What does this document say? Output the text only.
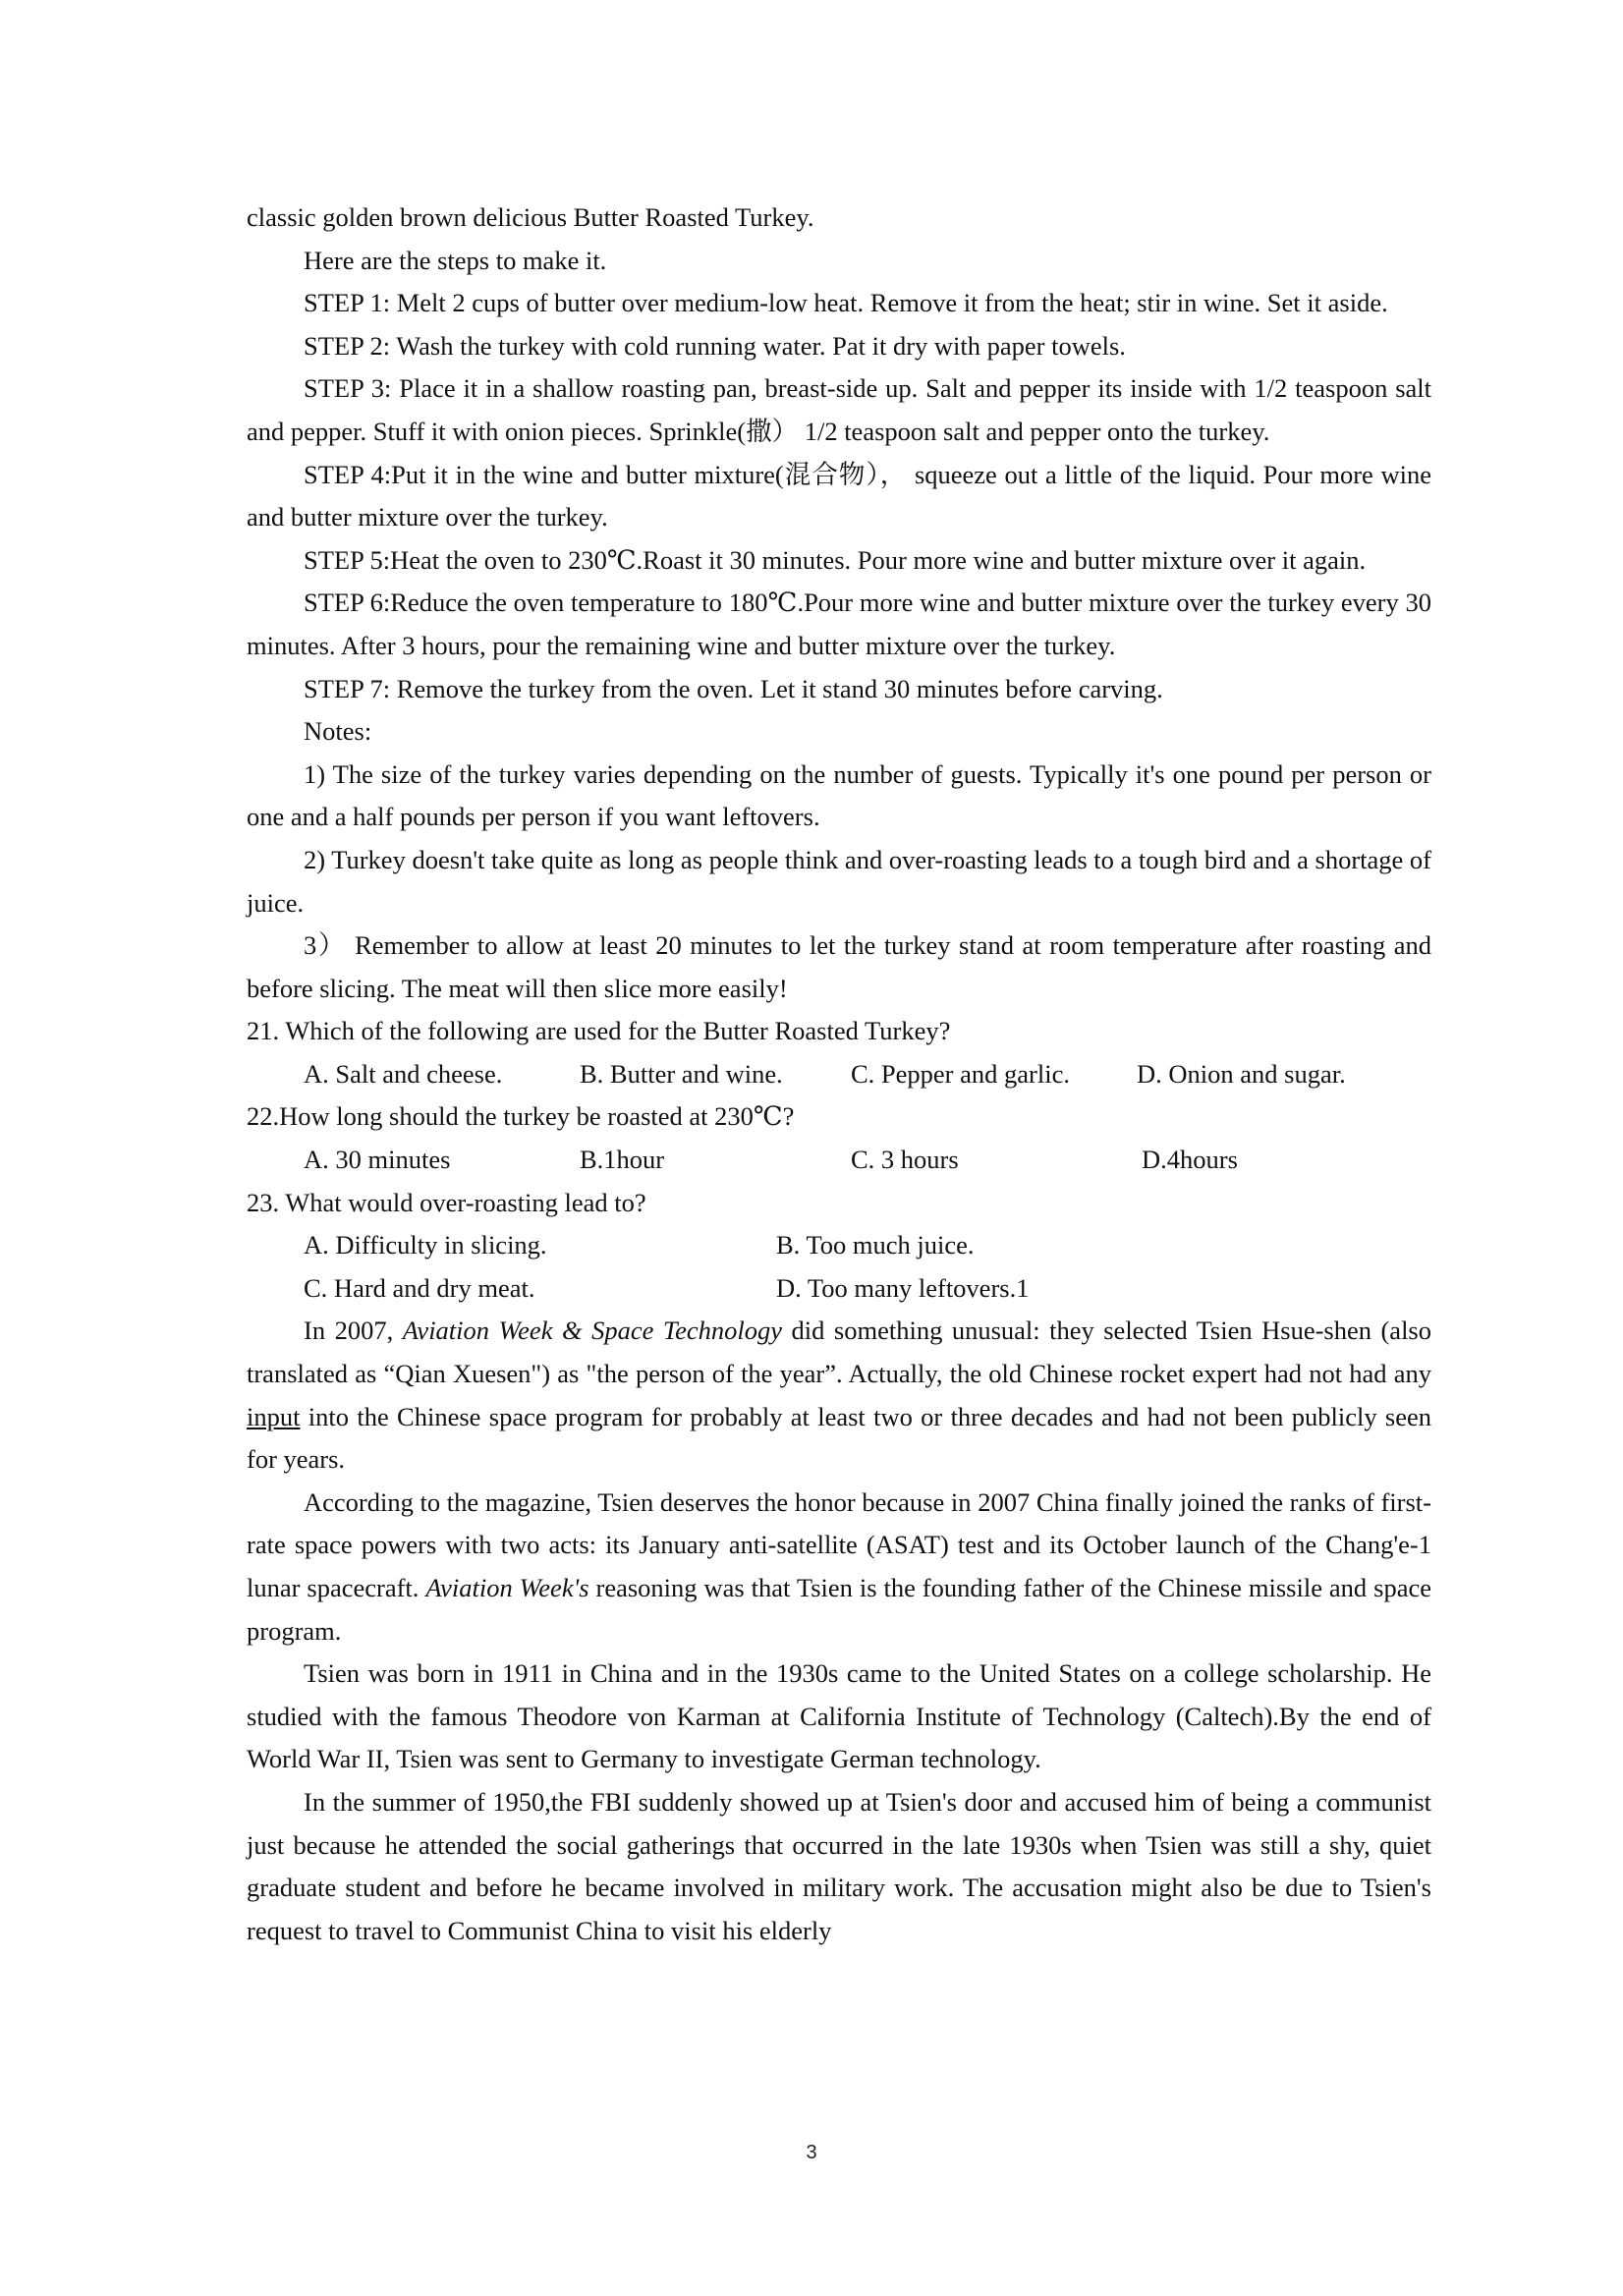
classic golden brown delicious Butter Roasted Turkey.

Here are the steps to make it.

STEP 1: Melt 2 cups of butter over medium-low heat. Remove it from the heat; stir in wine. Set it aside.

STEP 2: Wash the turkey with cold running water. Pat it dry with paper towels.

STEP 3: Place it in a shallow roasting pan, breast-side up. Salt and pepper its inside with 1/2 teaspoon salt and pepper. Stuff it with onion pieces. Sprinkle(撒） 1/2 teaspoon salt and pepper onto the turkey.

STEP 4:Put it in the wine and butter mixture(混合物）， squeeze out a little of the liquid. Pour more wine and butter mixture over the turkey.

STEP 5:Heat the oven to 230℃.Roast it 30 minutes. Pour more wine and butter mixture over it again.

STEP 6:Reduce the oven temperature to 180℃.Pour more wine and butter mixture over the turkey every 30 minutes. After 3 hours, pour the remaining wine and butter mixture over the turkey.

STEP 7: Remove the turkey from the oven. Let it stand 30 minutes before carving.

Notes:

1) The size of the turkey varies depending on the number of guests. Typically it's one pound per person or one and a half pounds per person if you want leftovers.

2) Turkey doesn't take quite as long as people think and over-roasting leads to a tough bird and a shortage of juice.

3） Remember to allow at least 20 minutes to let the turkey stand at room temperature after roasting and before slicing. The meat will then slice more easily!

21. Which of the following are used for the Butter Roasted Turkey?

A. Salt and cheese.	B. Butter and wine.	C. Pepper and garlic.	D. Onion and sugar.

22.How long should the turkey be roasted at 230℃?

A. 30 minutes	B.1hour	C. 3 hours	D.4hours

23. What would over-roasting lead to?

A. Difficulty in slicing.	B. Too much juice.
C. Hard and dry meat.	D. Too many leftovers.1

In 2007, Aviation Week & Space Technology did something unusual: they selected Tsien Hsue-shen (also translated as “Qian Xuesen") as "the person of the year”. Actually, the old Chinese rocket expert had not had any input into the Chinese space program for probably at least two or three decades and had not been publicly seen for years.

According to the magazine, Tsien deserves the honor because in 2007 China finally joined the ranks of first-rate space powers with two acts: its January anti-satellite (ASAT) test and its October launch of the Chang'e-1 lunar spacecraft. Aviation Week's reasoning was that Tsien is the founding father of the Chinese missile and space program.

Tsien was born in 1911 in China and in the 1930s came to the United States on a college scholarship. He studied with the famous Theodore von Karman at California Institute of Technology (Caltech).By the end of World War II, Tsien was sent to Germany to investigate German technology.

In the summer of 1950,the FBI suddenly showed up at Tsien's door and accused him of being a communist just because he attended the social gatherings that occurred in the late 1930s when Tsien was still a shy, quiet graduate student and before he became involved in military work. The accusation might also be due to Tsien's request to travel to Communist China to visit his elderly

3
